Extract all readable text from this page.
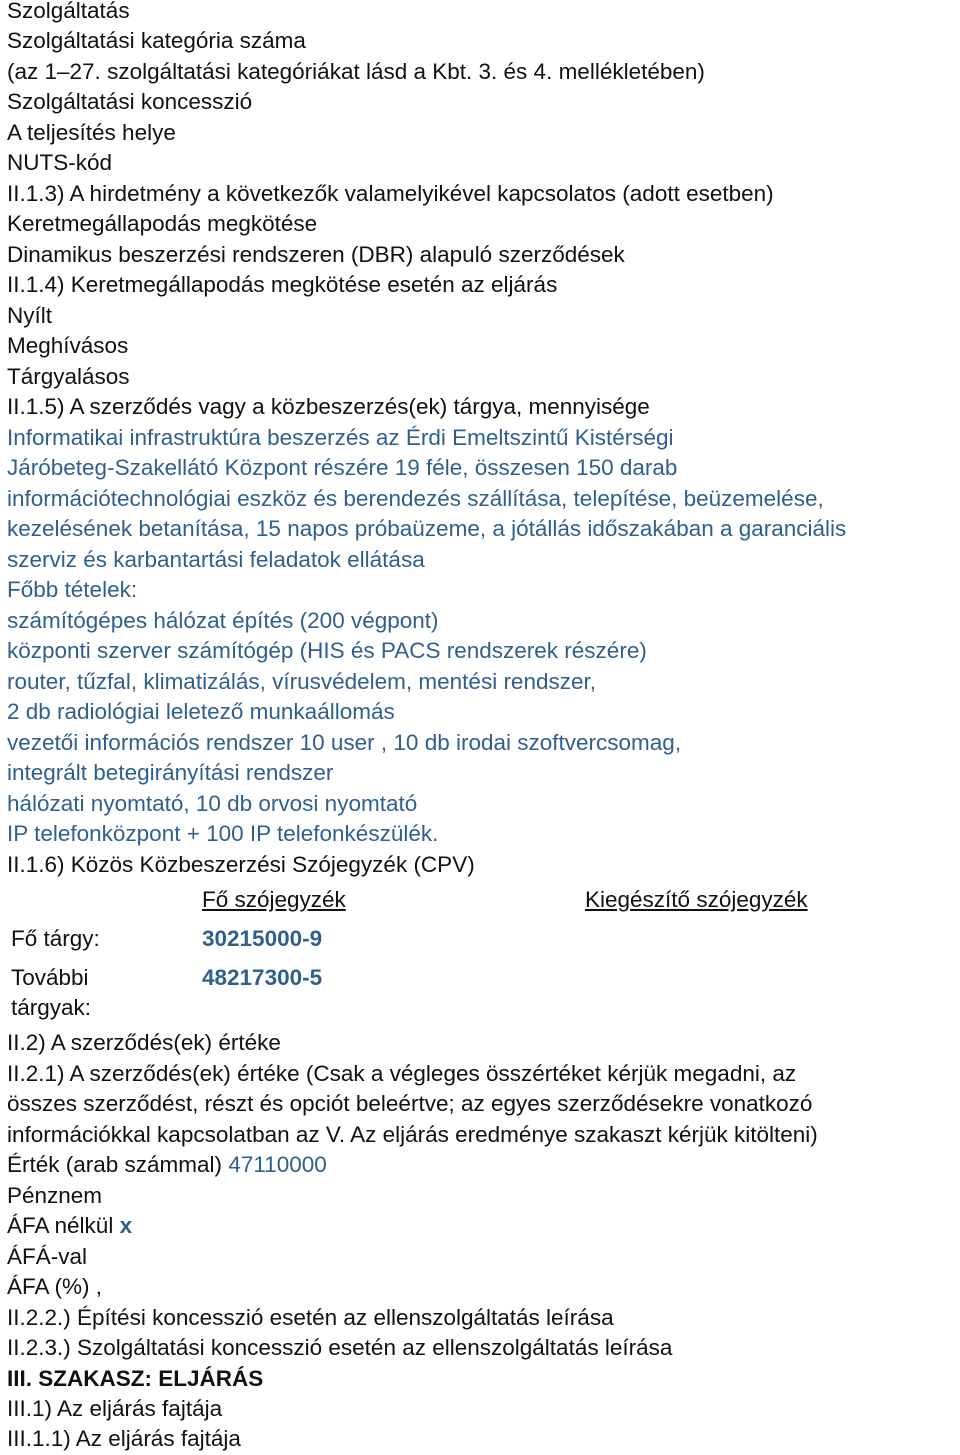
Szolgáltatás
Szolgáltatási kategória száma
(az 1–27. szolgáltatási kategóriákat lásd a Kbt. 3. és 4. mellékletében)
Szolgáltatási koncesszió
A teljesítés helye
NUTS-kód
II.1.3) A hirdetmény a következők valamelyikével kapcsolatos (adott esetben)
Keretmegállapodás megkötése
Dinamikus beszerzési rendszeren (DBR) alapuló szerződések
II.1.4) Keretmegállapodás megkötése esetén az eljárás
Nyílt
Meghívásos
Tárgyalásos
II.1.5) A szerződés vagy a közbeszerzés(ek) tárgya, mennyisége
Informatikai infrastruktúra beszerzés az Érdi Emeltszintű Kistérségi
Járóbeteg-Szakellátó Központ részére 19 féle, összesen 150 darab
információtechnológiai eszköz és berendezés szállítása, telepítése, beüzemelése,
kezelésének betanítása, 15 napos próbaüzeme, a jótállás időszakában a garanciális
szerviz és karbantartási feladatok ellátása
Főbb tételek:
számítógépes hálózat építés (200 végpont)
központi szerver számítógép (HIS és PACS rendszerek részére)
router, tűzfal, klimatizálás, vírusvédelem, mentési rendszer,
2 db radiológiai leletező munkaállomás
vezetői információs rendszer 10 user , 10 db irodai szoftvercsomag,
integrált betegirányítási rendszer
hálózati nyomtató, 10 db orvosi nyomtató
IP telefonközpont + 100 IP telefonkészülék.
II.1.6) Közös Közbeszerzési Szójegyzék (CPV)
Fő szójegyzék	Kiegészítő szójegyzék
Fő tárgy:	30215000-9
További
tárgyak:
48217300-5
II.2) A szerződés(ek) értéke
II.2.1) A szerződés(ek) értéke (Csak a végleges összértéket kérjük megadni, az
összes szerződést, részt és opciót beleértve; az egyes szerződésekre vonatkozó
információkkal kapcsolatban az V. Az eljárás eredménye szakaszt kérjük kitölteni)
Érték (arab számmal) 47110000
Pénznem
ÁFA nélkül x
ÁFÁ-val
ÁFA (%) ,
II.2.2.) Építési koncesszió esetén az ellenszolgáltatás leírása
II.2.3.) Szolgáltatási koncesszió esetén az ellenszolgáltatás leírása
III. SZAKASZ: ELJÁRÁS
III.1) Az eljárás fajtája
III.1.1) Az eljárás fajtája
